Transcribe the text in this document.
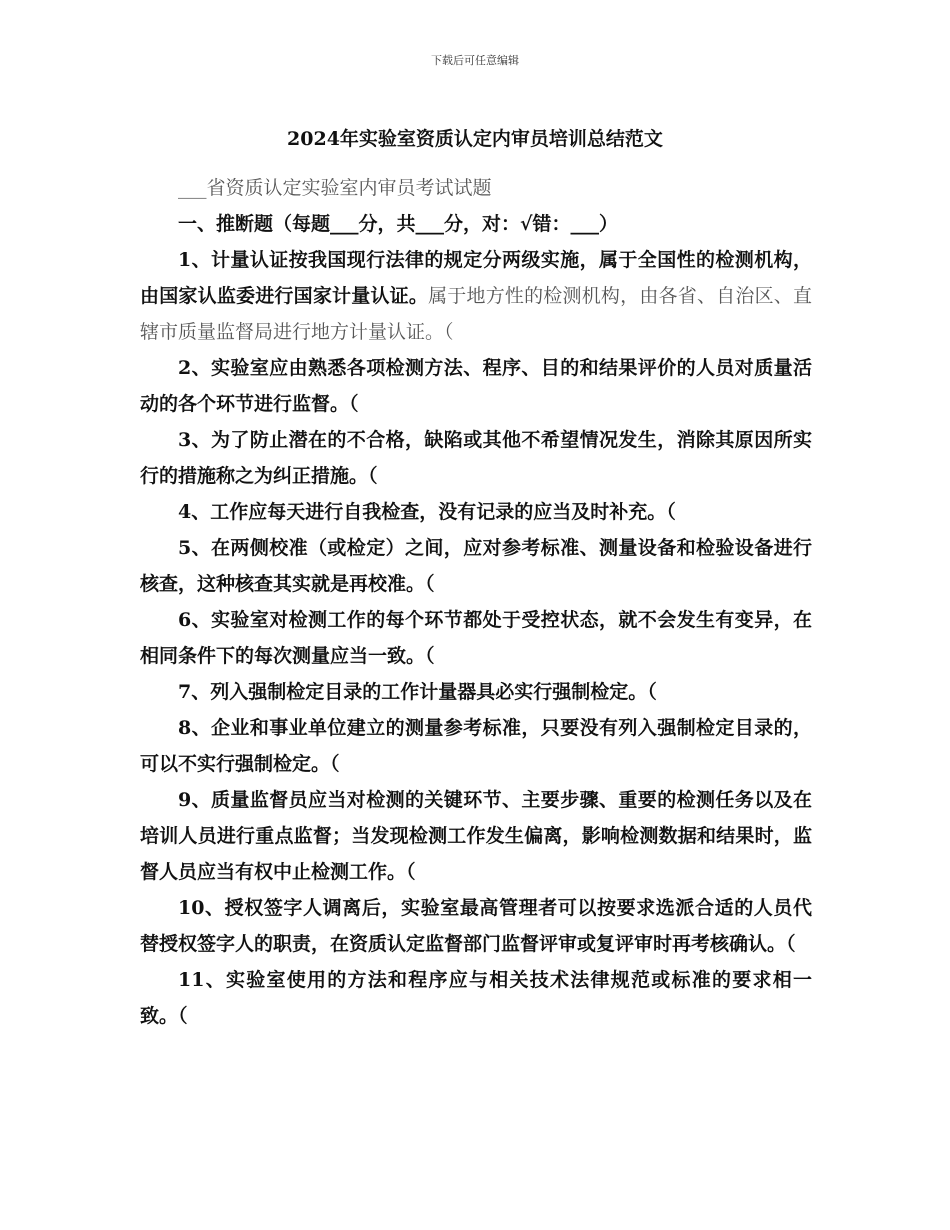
下载后可任意编辑
2024年实验室资质认定内审员培训总结范文

___省资质认定实验室内审员考试试题

一、推断题（每题___分，共___分，对：√错：___）

1、计量认证按我国现行法律的规定分两级实施，属于全国性的检测机构，由国家认监委进行国家计量认证。属于地方性的检测机构，由各省、自治区、直辖市质量监督局进行地方计量认证。（

2、实验室应由熟悉各项检测方法、程序、目的和结果评价的人员对质量活动的各个环节进行监督。（

3、为了防止潜在的不合格，缺陷或其他不希望情况发生，消除其原因所实行的措施称之为纠正措施。（

4、工作应每天进行自我检查，没有记录的应当及时补充。（

5、在两侧校准（或检定）之间，应对参考标准、测量设备和检验设备进行核查，这种核查其实就是再校准。（

6、实验室对检测工作的每个环节都处于受控状态，就不会发生有变异，在相同条件下的每次测量应当一致。（

7、列入强制检定目录的工作计量器具必实行强制检定。（

8、企业和事业单位建立的测量参考标准，只要没有列入强制检定目录的，可以不实行强制检定。（

9、质量监督员应当对检测的关键环节、主要步骤、重要的检测任务以及在培训人员进行重点监督；当发现检测工作发生偏离，影响检测数据和结果时，监督人员应当有权中止检测工作。（

10、授权签字人调离后，实验室最高管理者可以按要求选派合适的人员代替授权签字人的职责，在资质认定监督部门监督评审或复评审时再考核确认。（

11、实验室使用的方法和程序应与相关技术法律规范或标准的要求相一致。（
